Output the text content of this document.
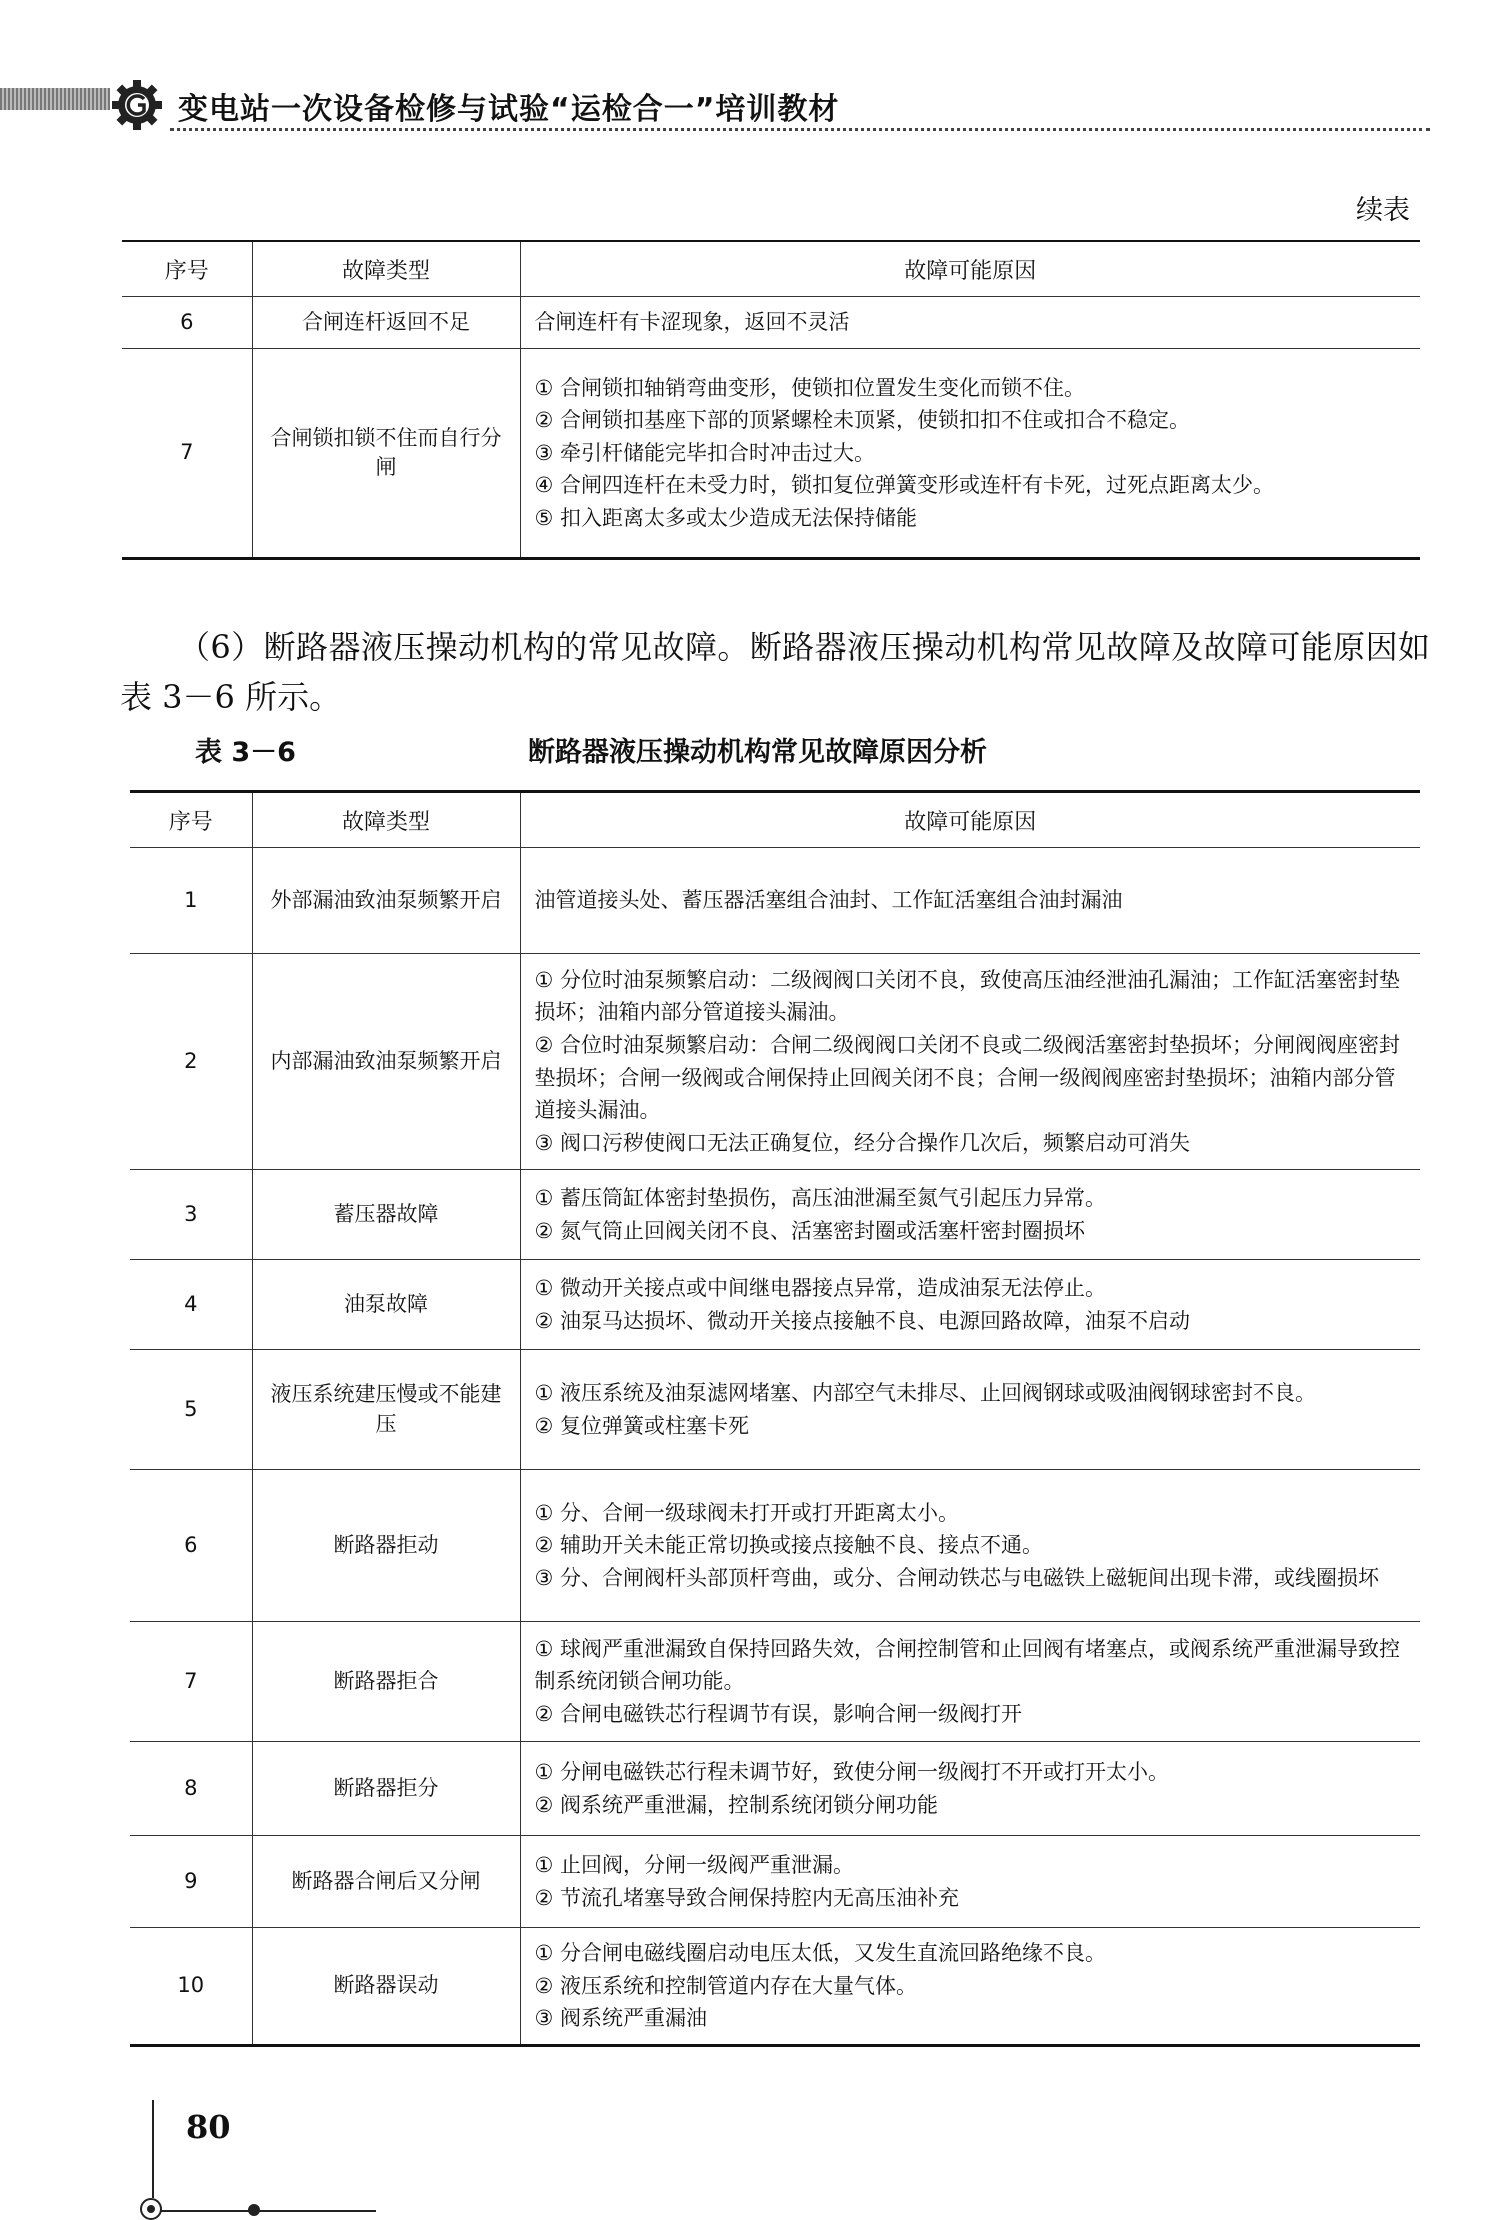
变电站一次设备检修与试验“运检合一”培训教材
续表
序号	故障类型	故障可能原因
6	合闸连杆返回不足	合闸连杆有卡涩现象，返回不灵活

7	合闸锁扣锁不住而自行分闸	① 合闸锁扣轴销弯曲变形，使锁扣位置发生变化而锁不住。
② 合闸锁扣基座下部的顶紧螺栓未顶紧，使锁扣扣不住或扣合不稳定。
③ 牵引杆储能完毕扣合时冲击过大。
④ 合闸四连杆在未受力时，锁扣复位弹簧变形或连杆有卡死，过死点距离太少。
⑤ 扣入距离太多或太少造成无法保持储能

（6）断路器液压操动机构的常见故障。断路器液压操动机构常见故障及故障可能原因如表 3－6 所示。

表 3－6	断路器液压操动机构常见故障原因分析
序号	故障类型	故障可能原因
1	外部漏油致油泵频繁开启	油管道接头处、蓄压器活塞组合油封、工作缸活塞组合油封漏油

2	内部漏油致油泵频繁开启	① 分位时油泵频繁启动：二级阀阀口关闭不良，致使高压油经泄油孔漏油；工作缸活塞密封垫损坏；油箱内部分管道接头漏油。
② 合位时油泵频繁启动：合闸二级阀阀口关闭不良或二级阀活塞密封垫损坏；分闸阀阀座密封垫损坏；合闸一级阀或合闸保持止回阀关闭不良；合闸一级阀阀座密封垫损坏；油箱内部分管道接头漏油。
③ 阀口污秽使阀口无法正确复位，经分合操作几次后，频繁启动可消失

3	蓄压器故障	① 蓄压筒缸体密封垫损伤，高压油泄漏至氮气引起压力异常。
② 氮气筒止回阀关闭不良、活塞密封圈或活塞杆密封圈损坏

4	油泵故障	① 微动开关接点或中间继电器接点异常，造成油泵无法停止。
② 油泵马达损坏、微动开关接点接触不良、电源回路故障，油泵不启动

5	液压系统建压慢或不能建压	① 液压系统及油泵滤网堵塞、内部空气未排尽、止回阀钢球或吸油阀钢球密封不良。
② 复位弹簧或柱塞卡死

6	断路器拒动	① 分、合闸一级球阀未打开或打开距离太小。
② 辅助开关未能正常切换或接点接触不良、接点不通。
③ 分、合闸阀杆头部顶杆弯曲，或分、合闸动铁芯与电磁铁上磁轭间出现卡滞，或线圈损坏

7	断路器拒合	① 球阀严重泄漏致自保持回路失效，合闸控制管和止回阀有堵塞点，或阀系统严重泄漏导致控制系统闭锁合闸功能。
② 合闸电磁铁芯行程调节有误，影响合闸一级阀打开

8	断路器拒分	① 分闸电磁铁芯行程未调节好，致使分闸一级阀打不开或打开太小。
② 阀系统严重泄漏，控制系统闭锁分闸功能

9	断路器合闸后又分闸	① 止回阀，分闸一级阀严重泄漏。
② 节流孔堵塞导致合闸保持腔内无高压油补充

10	断路器误动	① 分合闸电磁线圈启动电压太低，又发生直流回路绝缘不良。
② 液压系统和控制管道内存在大量气体。
③ 阀系统严重漏油
80
